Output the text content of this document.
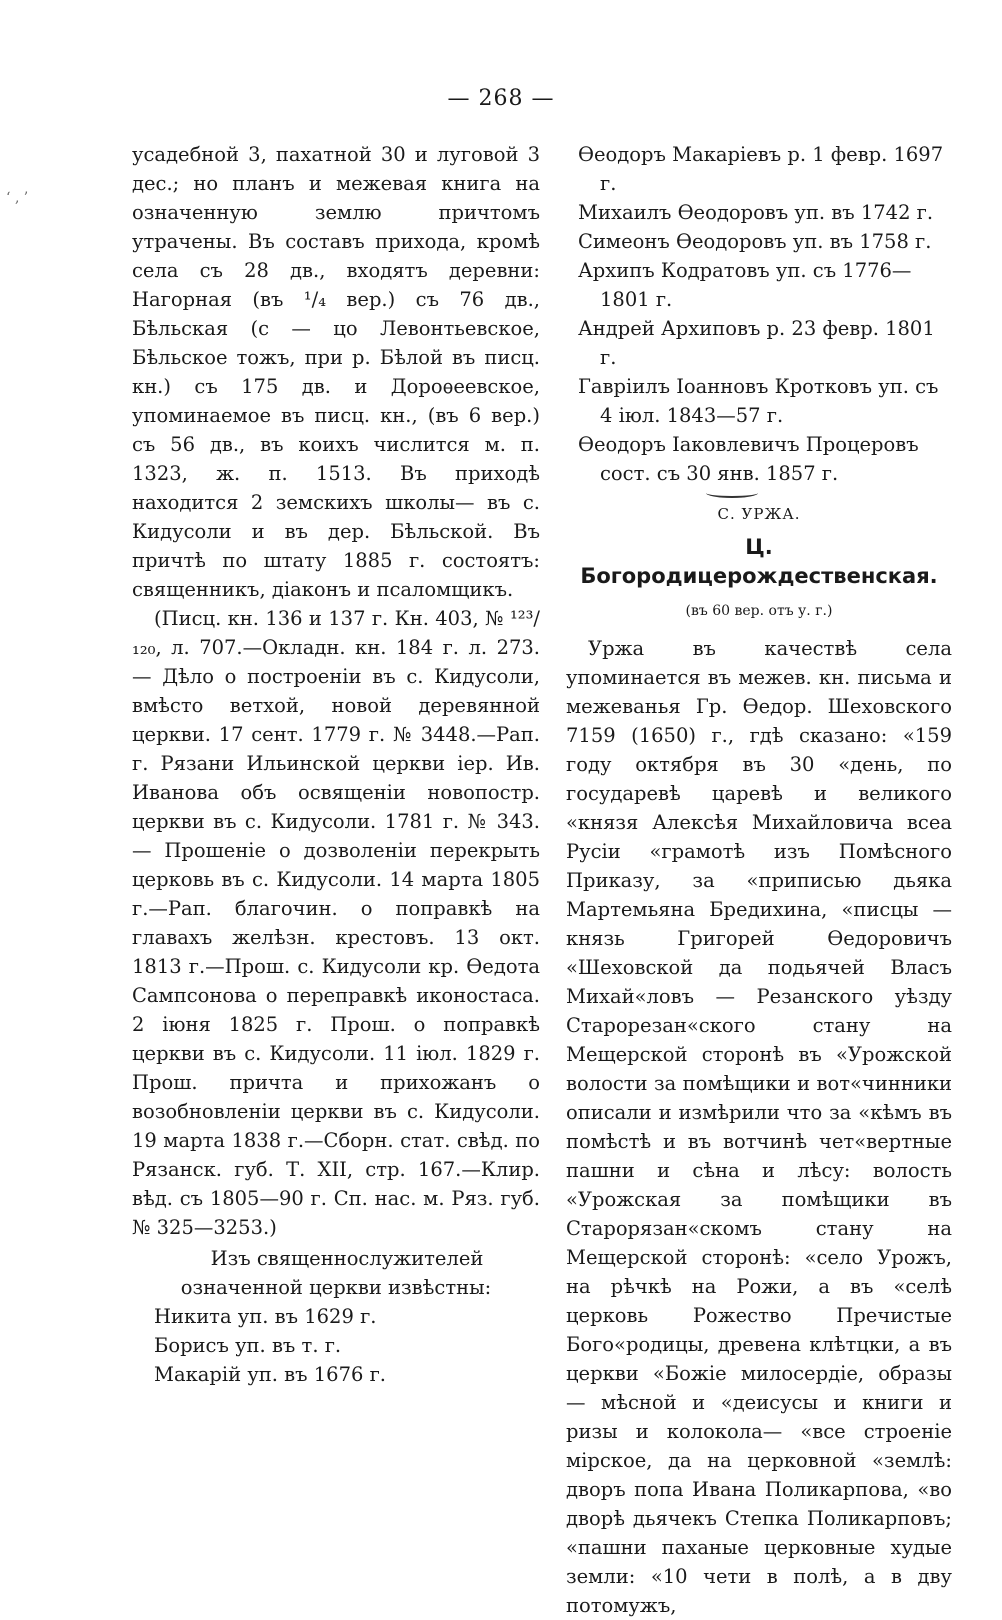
‘ ‚ ’
— 268 —

усадебной 3, пахатной 30 и луговой 3 дес.; но планъ и межевая книга на означенную землю причтомъ утрачены. Въ составъ прихода, кромѣ села съ 28 дв., входятъ деревни: Нагорная (въ ¹/₄ вер.) съ 76 дв., Бѣльская (с — цо Левонтьевское, Бѣльское тожъ, при р. Бѣлой въ писц. кн.) съ 175 дв. и Дороѳеевское, упоминаемое въ писц. кн., (въ 6 вер.) съ 56 дв., въ коихъ числится м. п. 1323, ж. п. 1513. Въ приходѣ находится 2 земскихъ школы— въ с. Кидусоли и въ дер. Бѣльской. Въ причтѣ по штату 1885 г. состоятъ: священникъ, діаконъ и псаломщикъ.

(Писц. кн. 136 и 137 г. Кн. 403, № ¹²³/₁₂₀, л. 707.—Окладн. кн. 184 г. л. 273. — Дѣло о построеніи въ с. Кидусоли, вмѣсто ветхой, новой деревянной церкви. 17 сент. 1779 г. № 3448.—Рап. г. Рязани Ильинской церкви іер. Ив. Иванова объ освященіи новопостр. церкви въ с. Кидусоли. 1781 г. № 343. — Прошеніе о дозволеніи перекрыть церковь въ с. Кидусоли. 14 марта 1805 г.—Рап. благочин. о поправкѣ на главахъ желѣзн. крестовъ. 13 окт. 1813 г.—Прош. с. Кидусоли кр. Ѳедота Сампсонова о переправкѣ иконостаса. 2 іюня 1825 г. Прош. о поправкѣ церкви въ с. Кидусоли. 11 іюл. 1829 г. Прош. причта и прихожанъ о возобновленіи церкви въ с. Кидусоли. 19 марта 1838 г.—Сборн. стат. свѣд. по Рязанск. губ. Т. XII, стр. 167.—Клир. вѣд. съ 1805—90 г. Сп. нас. м. Ряз. губ. № 325—3253.)

Изъ священнослужителей означенной церкви извѣстны:

Никита уп. въ 1629 г.
Борисъ уп. въ т. г.
Макарій уп. въ 1676 г.
Ѳеодоръ Макаріевъ р. 1 февр. 1697 г.
Михаилъ Ѳеодоровъ уп. въ 1742 г.
Симеонъ Ѳеодоровъ уп. въ 1758 г.
Архипъ Кодратовъ уп. съ 1776— 1801 г.
Андрей Архиповъ р. 23 февр. 1801 г.
Гавріилъ Іоанновъ Кротковъ уп. съ 4 іюл. 1843—57 г.
Ѳеодоръ Іаковлевичъ Процеровъ сост. съ 30 янв. 1857 г.
С. УРЖА.
Ц. Богородицерождественская.
(въ 60 вер. отъ у. г.)

Уржа въ качествѣ села упоминается въ межев. кн. письма и межеванья Гр. Ѳедор. Шеховского 7159 (1650) г., гдѣ сказано: «159 году октября въ 30 «день, по государевѣ царевѣ и великого «князя Алексѣя Михайловича всеа Русіи «грамотѣ изъ Помѣсного Приказу, за «приписью дьяка Мартемьяна Бредихина, «писцы — князь Григорей Ѳедоровичъ «Шеховской да подьячей Власъ Михай«ловъ — Резанского уѣзду Старорезан«ского стану на Мещерской сторонѣ въ «Урожской волости за помѣщики и вот«чинники описали и измѣрили что за «кѣмъ въ помѣстѣ и въ вотчинѣ чет«вертные пашни и сѣна и лѣсу: волость «Урожская за помѣщики въ Старорязан«скомъ стану на Мещерской сторонѣ: «село Урожъ, на рѣчкѣ на Рожи, а въ «селѣ церковь Рожество Пречистые Бого«родицы, древена клѣтцки, а въ церкви «Божіе милосердіе, образы — мѣсной и «деисусы и книги и ризы и колокола— «все строеніе мірское, да на церковной «землѣ: дворъ попа Ивана Поликарпова, «во дворѣ дьячекъ Степка Поликарповъ; «пашни паханые церковные худые земли: «10 чети в полѣ, а в дву потомужъ,
